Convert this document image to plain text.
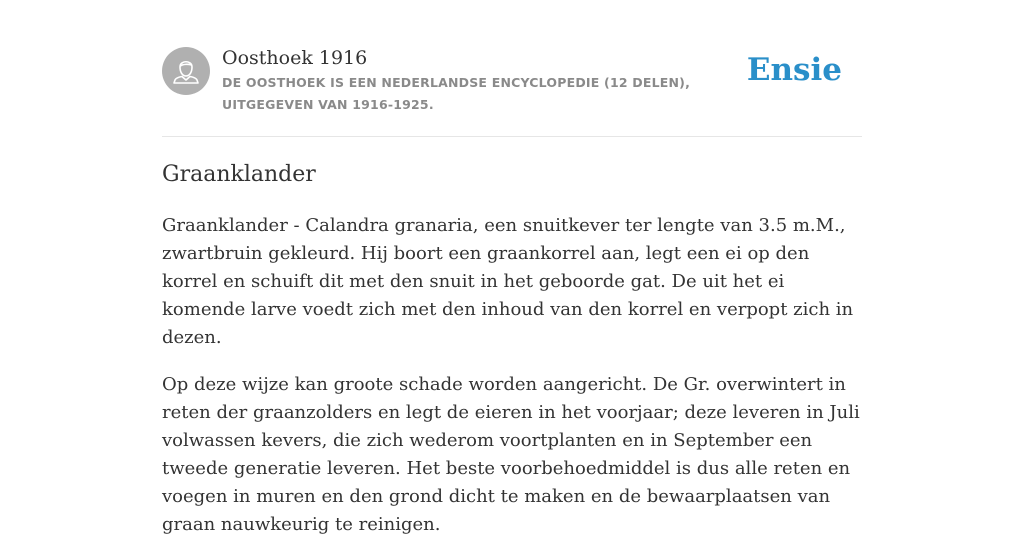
Oosthoek 1916
DE OOSTHOEK IS EEN NEDERLANDSE ENCYCLOPEDIE (12 DELEN), UITGEGEVEN VAN 1916-1925.
Ensie
Graanklander

Graanklander - Calandra granaria, een snuitkever ter lengte van 3.5 m.M., zwartbruin gekleurd. Hij boort een graankorrel aan, legt een ei op den korrel en schuift dit met den snuit in het geboorde gat. De uit het ei komende larve voedt zich met den inhoud van den korrel en verpopt zich in dezen.

Op deze wijze kan groote schade worden aangericht. De Gr. overwintert in reten der graanzolders en legt de eieren in het voorjaar; deze leveren in Juli volwassen kevers, die zich wederom voortplanten en in September een tweede generatie leveren. Het beste voorbehoedmiddel is dus alle reten en voegen in muren en den grond dicht te maken en de bewaarplaatsen van graan nauwkeurig te reinigen.
